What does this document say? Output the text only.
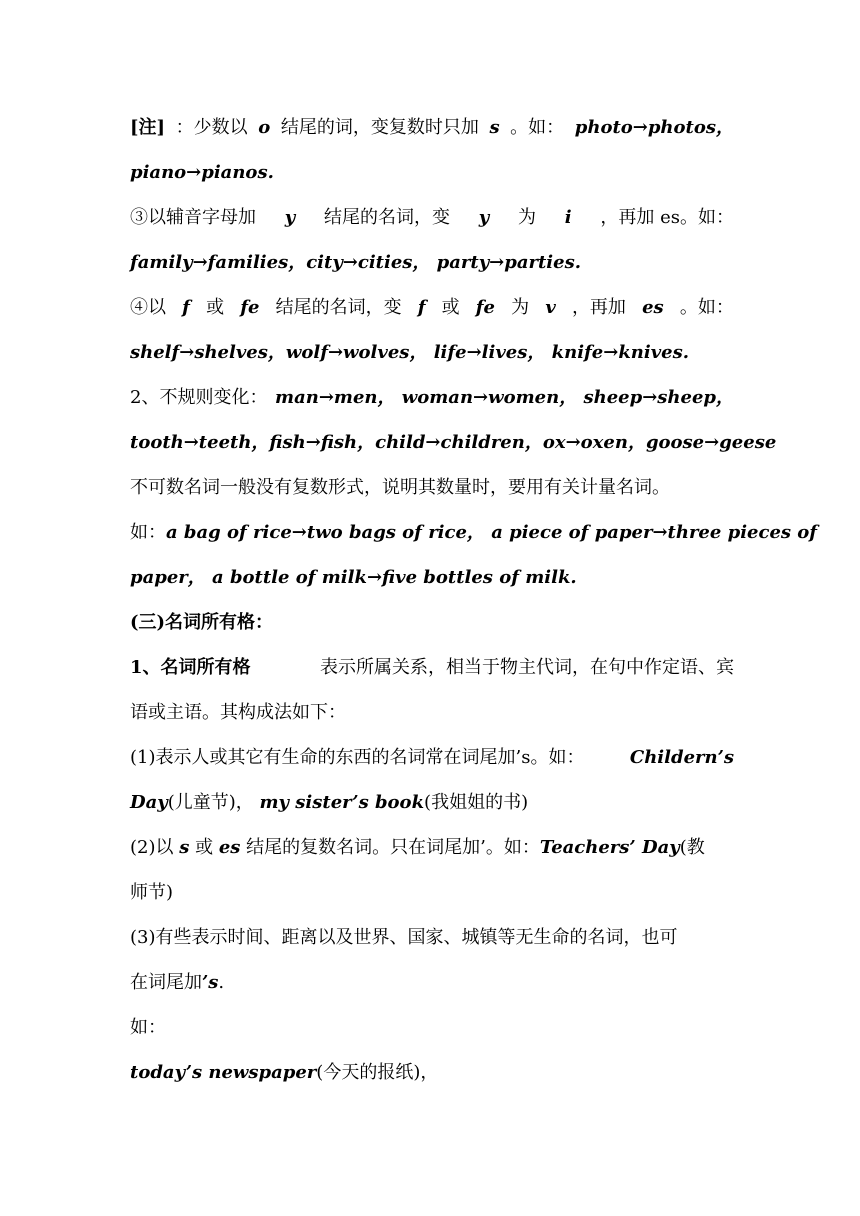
[注] ：少数以 o 结尾的词，变复数时只加 s 。如： photo→photos，
piano→pianos.
③以辅音字母加 y 结尾的名词，变 y 为 i ，再加 es。如：
family→families，city→cities， party→parties.
④以 f 或 fe 结尾的名词，变 f 或 fe 为 v ，再加 es 。如：
shelf→shelves，wolf→wolves， life→lives， knife→knives.
2、不规则变化： man→men， woman→women， sheep→sheep，
tooth→teeth，fish→fish，child→children，ox→oxen，goose→geese
不可数名词一般没有复数形式，说明其数量时，要用有关计量名词。
如： a bag of rice→two bags of rice， a piece of paper→three pieces of
paper， a bottle of milk→five bottles of milk.
(三)名词所有格：
1、名词所有格	表示所属关系，相当于物主代词，在句中作定语、宾
语或主语。其构成法如下：
(1)表示人或其它有生命的东西的名词常在词尾加’s。如：	Childern’s
Day(儿童节)， my sister’s book(我姐姐的书)
(2)以 s 或 es 结尾的复数名词。只在词尾加’。如：Teachers’ Day(教
师节)
(3)有些表示时间、距离以及世界、国家、城镇等无生命的名词，也可
在词尾加’s.
如：
today’s newspaper(今天的报纸)，
